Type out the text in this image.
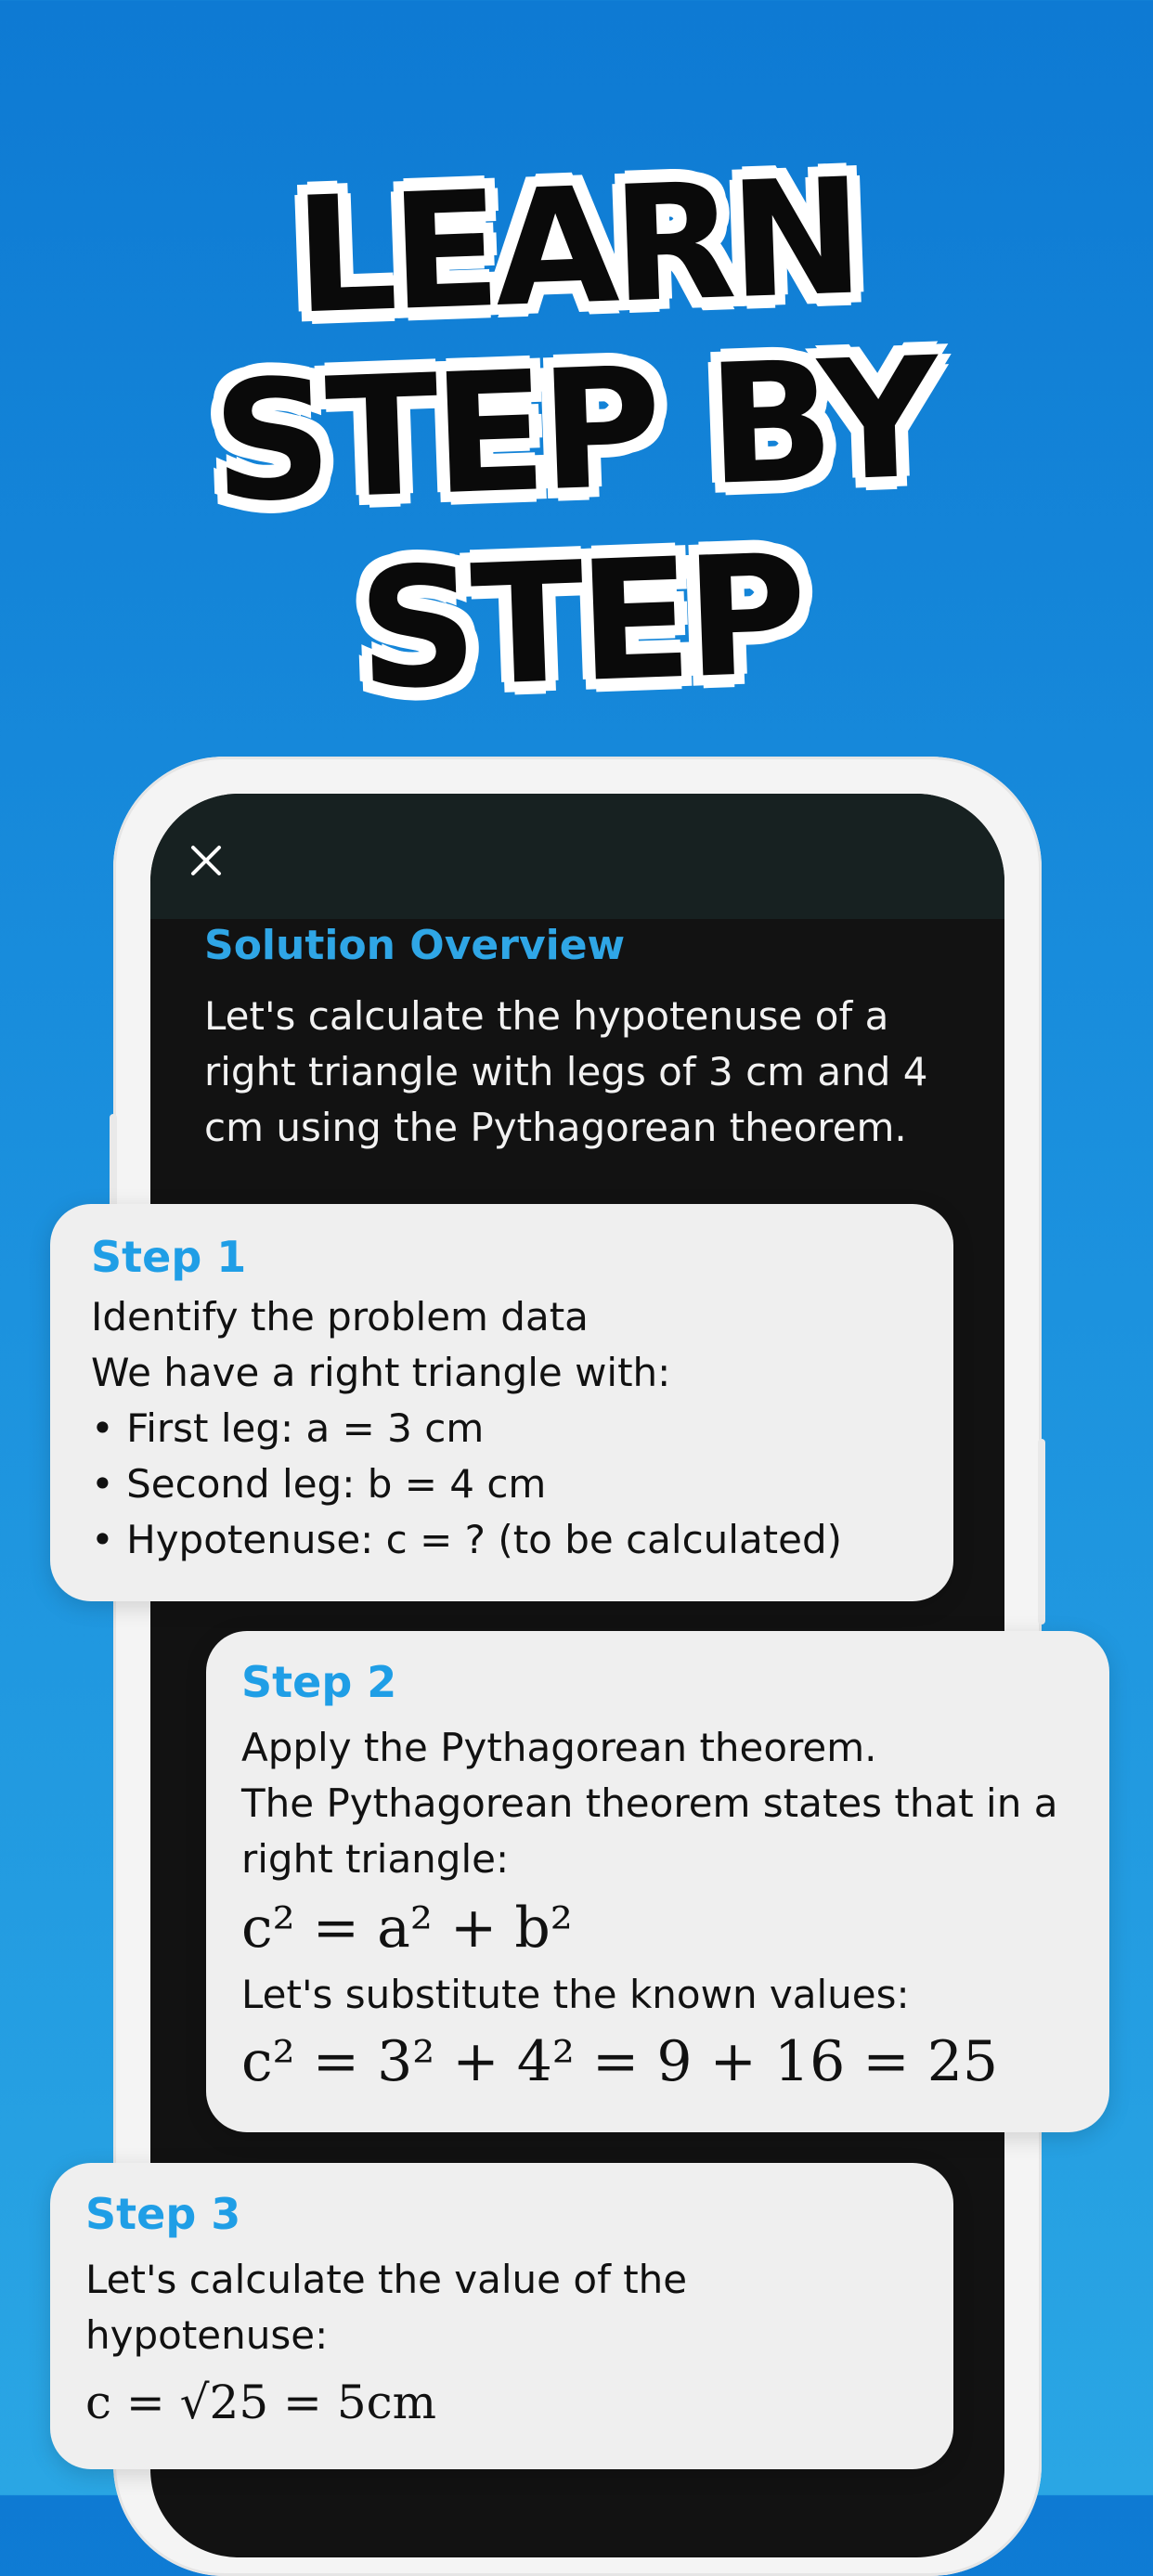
LEARN
STEP BY STEP
Solution Overview
Let's calculate the hypotenuse of a right triangle with legs of 3 cm and 4 cm using the Pythagorean theorem.
Step 1
Identify the problem data
We have a right triangle with:
• First leg: a = 3 cm
• Second leg: b = 4 cm
• Hypotenuse: c = ? (to be calculated)
Step 2
Apply the Pythagorean theorem.
The Pythagorean theorem states that in a right triangle:
c² = a² + b²
Let's substitute the known values:
c² = 3² + 4² = 9 + 16 = 25
Step 3
Let's calculate the value of the hypotenuse:
c = √25 = 5cm
